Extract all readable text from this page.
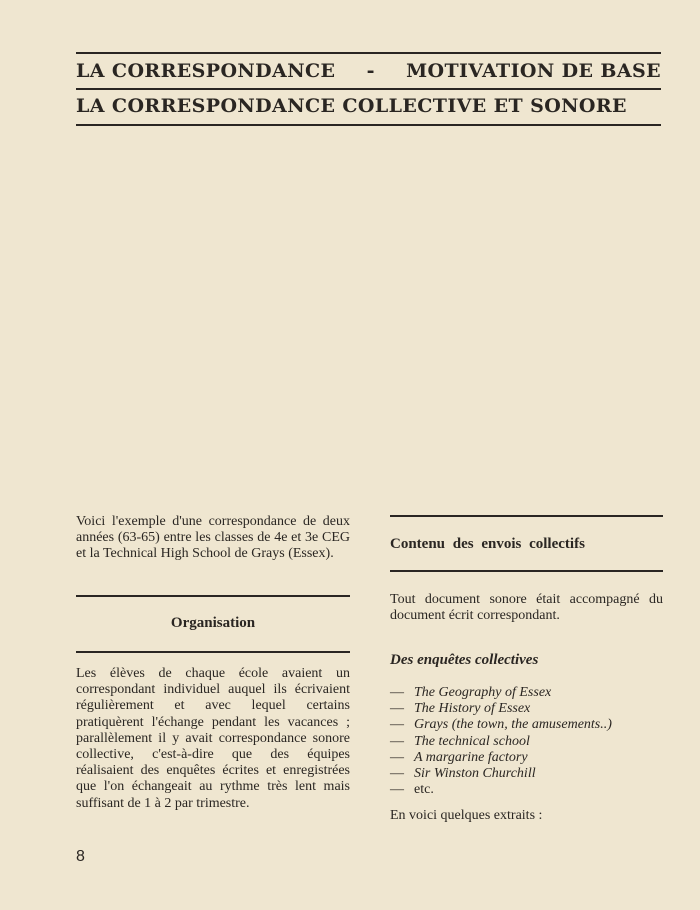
LA CORRESPONDANCE - MOTIVATION DE BASE
LA CORRESPONDANCE COLLECTIVE ET SONORE
Voici l'exemple d'une correspondance de deux années (63-65) entre les classes de 4e et 3e CEG et la Technical High School de Grays (Essex).
Organisation
Les élèves de chaque école avaient un correspondant individuel auquel ils écrivaient régulièrement et avec lequel certains pratiquèrent l'échange pendant les vacances ; parallèlement il y avait correspondance sonore collective, c'est-à-dire que des équipes réalisaient des enquêtes écrites et enregistrées que l'on échangeait au rythme très lent mais suffisant de 1 à 2 par trimestre.
Contenu des envois collectifs
Tout document sonore était accompagné du document écrit correspondant.
Des enquêtes collectives
— The Geography of Essex
— The History of Essex
— Grays (the town, the amusements..)
— The technical school
— A margarine factory
— Sir Winston Churchill
— etc.
En voici quelques extraits :
8
